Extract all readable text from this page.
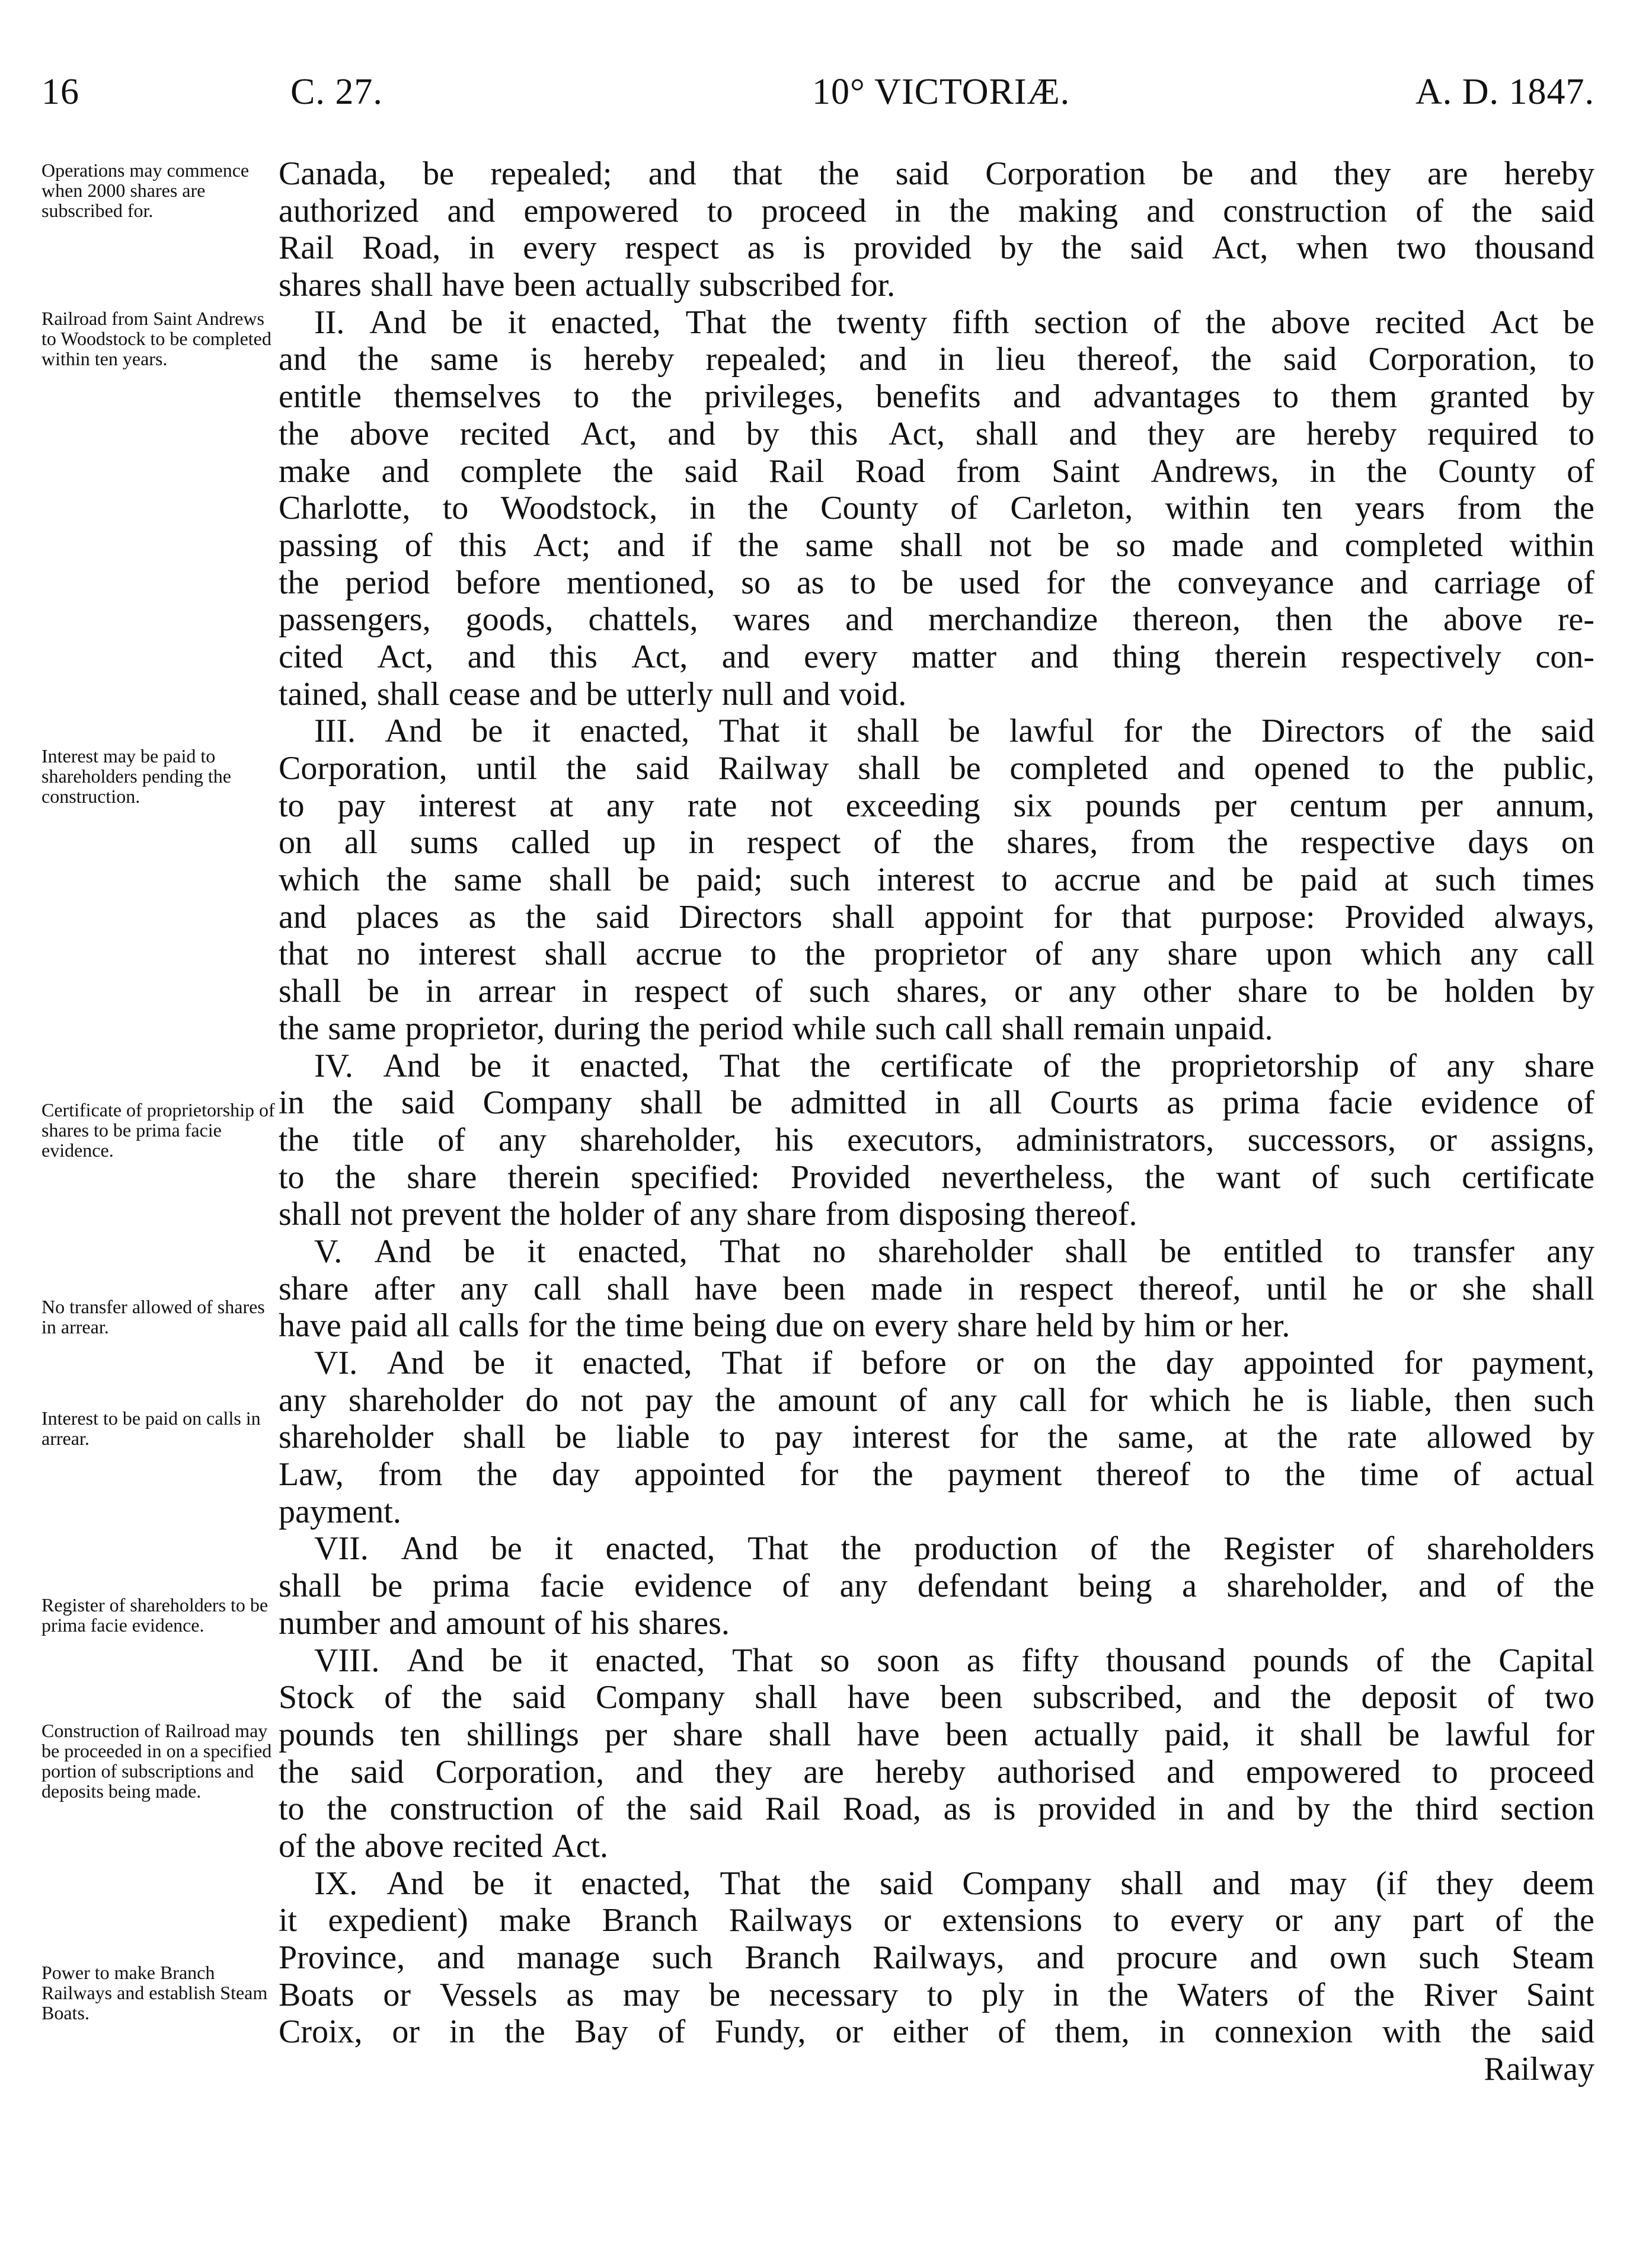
16	C. 27.	10° VICTORIÆ.	A. D. 1847.
Operations may commence when 2000 shares are subscribed for.
Railroad from Saint Andrews to Woodstock to be completed within ten years.
Interest may be paid to shareholders pending the construction.
Certificate of proprietorship of shares to be prima facie evidence.
No transfer allowed of shares in arrear.
Interest to be paid on calls in arrear.
Register of shareholders to be prima facie evidence.
Construction of Railroad may be proceeded in on a specified portion of subscriptions and deposits being made.
Power to make Branch Railways and establish Steam Boats.
Canada, be repealed; and that the said Corporation be and they are hereby
authorized and empowered to proceed in the making and construction of the said
Rail Road, in every respect as is provided by the said Act, when two thousand
shares shall have been actually subscribed for.
II. And be it enacted, That the twenty fifth section of the above recited Act be
and the same is hereby repealed; and in lieu thereof, the said Corporation, to
entitle themselves to the privileges, benefits and advantages to them granted by
the above recited Act, and by this Act, shall and they are hereby required to
make and complete the said Rail Road from Saint Andrews, in the County of
Charlotte, to Woodstock, in the County of Carleton, within ten years from the
passing of this Act; and if the same shall not be so made and completed within
the period before mentioned, so as to be used for the conveyance and carriage of
passengers, goods, chattels, wares and merchandize thereon, then the above re-
cited Act, and this Act, and every matter and thing therein respectively con-
tained, shall cease and be utterly null and void.
III. And be it enacted, That it shall be lawful for the Directors of the said
Corporation, until the said Railway shall be completed and opened to the public,
to pay interest at any rate not exceeding six pounds per centum per annum,
on all sums called up in respect of the shares, from the respective days on
which the same shall be paid; such interest to accrue and be paid at such times
and places as the said Directors shall appoint for that purpose: Provided always,
that no interest shall accrue to the proprietor of any share upon which any call
shall be in arrear in respect of such shares, or any other share to be holden by
the same proprietor, during the period while such call shall remain unpaid.
IV. And be it enacted, That the certificate of the proprietorship of any share
in the said Company shall be admitted in all Courts as prima facie evidence of
the title of any shareholder, his executors, administrators, successors, or assigns,
to the share therein specified: Provided nevertheless, the want of such certificate
shall not prevent the holder of any share from disposing thereof.
V. And be it enacted, That no shareholder shall be entitled to transfer any
share after any call shall have been made in respect thereof, until he or she shall
have paid all calls for the time being due on every share held by him or her.
VI. And be it enacted, That if before or on the day appointed for payment,
any shareholder do not pay the amount of any call for which he is liable, then such
shareholder shall be liable to pay interest for the same, at the rate allowed by
Law, from the day appointed for the payment thereof to the time of actual
payment.
VII. And be it enacted, That the production of the Register of shareholders
shall be prima facie evidence of any defendant being a shareholder, and of the
number and amount of his shares.
VIII. And be it enacted, That so soon as fifty thousand pounds of the Capital
Stock of the said Company shall have been subscribed, and the deposit of two
pounds ten shillings per share shall have been actually paid, it shall be lawful for
the said Corporation, and they are hereby authorised and empowered to proceed
to the construction of the said Rail Road, as is provided in and by the third section
of the above recited Act.
IX. And be it enacted, That the said Company shall and may (if they deem
it expedient) make Branch Railways or extensions to every or any part of the
Province, and manage such Branch Railways, and procure and own such Steam
Boats or Vessels as may be necessary to ply in the Waters of the River Saint
Croix, or in the Bay of Fundy, or either of them, in connexion with the said
Railway
